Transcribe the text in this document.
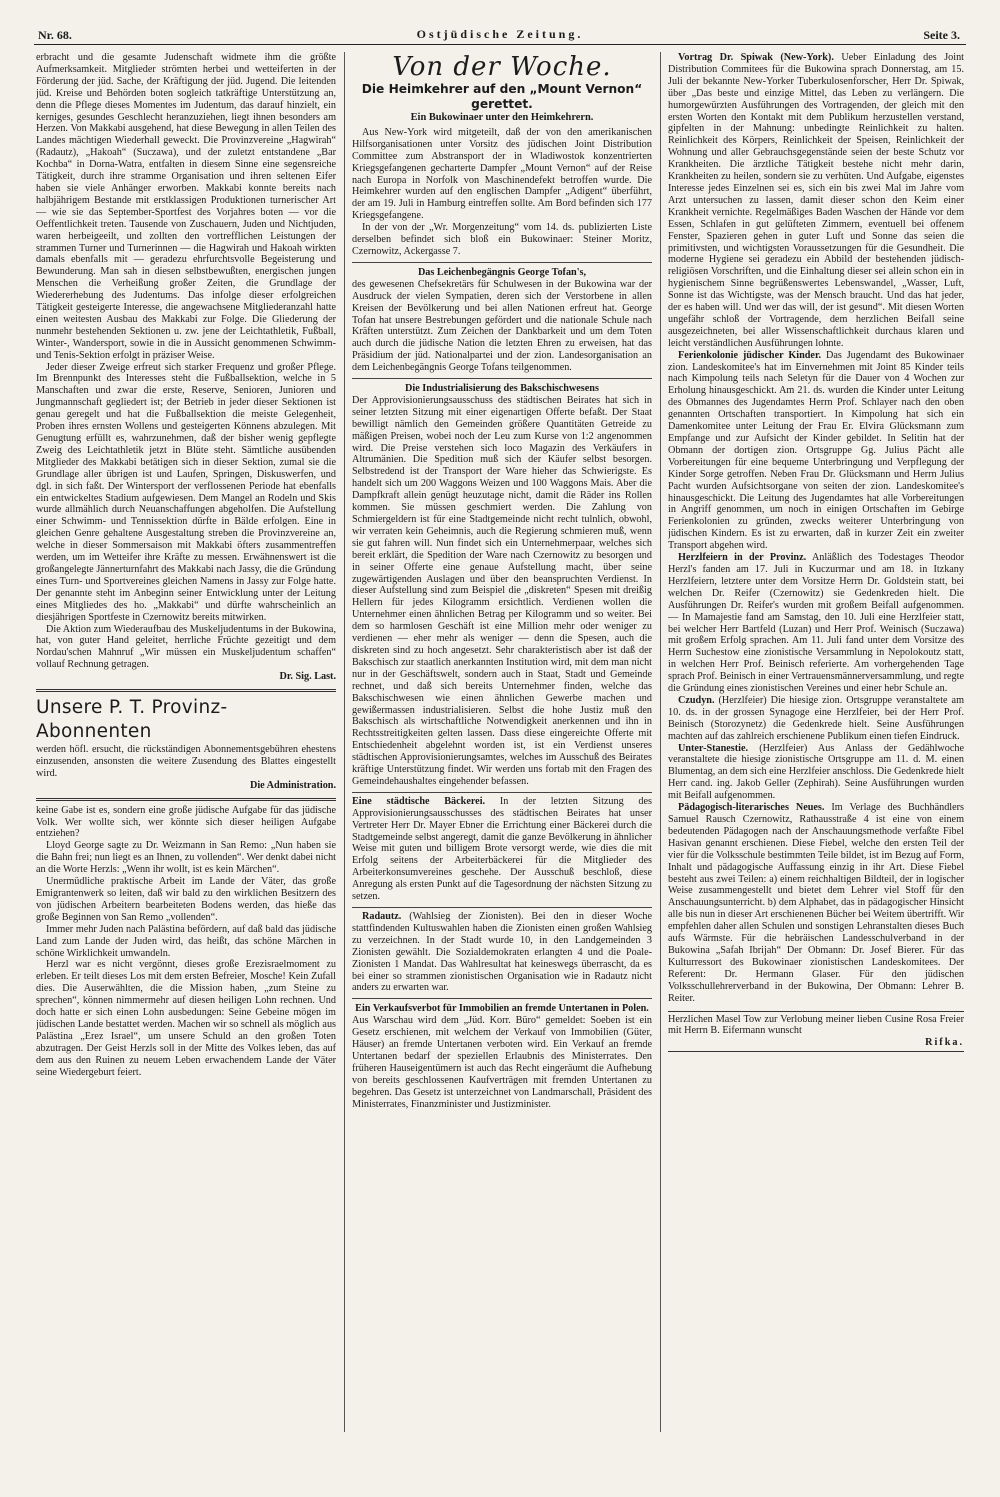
Nr. 68.	Ostjüdische Zeitung.	Seite 3.

erbracht und die gesamte Judenschaft widmete ihm die größte Aufmerksamkeit. Mitglieder strömten herbei und wetteiferten in der Förderung der jüd. Sache, der Kräftigung der jüd. Jugend. Die leitenden jüd. Kreise und Behörden boten sogleich tatkräftige Unterstützung an, denn die Pflege dieses Momentes im Judentum, das darauf hinzielt, ein kerniges, gesundes Geschlecht heranzuziehen, liegt ihnen besonders am Herzen. Von Makkabi ausgehend, hat diese Bewegung in allen Teilen des Landes mächtigen Wiederhall geweckt. Die Provinzvereine „Hagwirah“ (Radautz), „Hakoah“ (Suczawa), und der zuletzt entstandene „Bar Kochba“ in Dorna-Watra, entfalten in diesem Sinne eine segensreiche Tätigkeit, durch ihre stramme Organisation und ihren seltenen Eifer haben sie viele Anhänger erworben. Makkabi konnte bereits nach halbjährigem Bestande mit erstklassigen Produktionen turnerischer Art — wie sie das September-Sportfest des Vorjahres boten — vor die Oeffentlichkeit treten. Tausende von Zuschauern, Juden und Nichtjuden, waren herbeigeeilt, und zollten den vortrefflichen Leistungen der strammen Turner und Turnerinnen — die Hagwirah und Hakoah wirkten damals ebenfalls mit — geradezu ehrfurchtsvolle Begeisterung und Bewunderung. Man sah in diesen selbstbewußten, energischen jungen Menschen die Verheißung großer Zeiten, die Grundlage der Wiedererhebung des Judentums. Das infolge dieser erfolgreichen Tätigkeit gesteigerte Interesse, die angewachsene Mitgliederanzahl hatte einen weitesten Ausbau des Makkabi zur Folge. Die Gliederung der nunmehr bestehenden Sektionen u. zw. jene der Leichtathletik, Fußball, Winter-, Wandersport, sowie in die in Aussicht genommenen Schwimm- und Tenis-Sektion erfolgt in präziser Weise.

Jeder dieser Zweige erfreut sich starker Frequenz und großer Pflege. Im Brennpunkt des Interesses steht die Fußballsektion, welche in 5 Manschaften und zwar die erste, Reserve, Senioren, Junioren und Jungmannschaft gegliedert ist; der Betrieb in jeder dieser Sektionen ist genau geregelt und hat die Fußballsektion die meiste Gelegenheit, Proben ihres ernsten Wollens und gesteigerten Könnens abzulegen. Mit Genugtung erfüllt es, wahrzunehmen, daß der bisher wenig gepflegte Zweig des Leichtathletik jetzt in Blüte steht. Sämtliche ausübenden Mitglieder des Makkabi betätigen sich in dieser Sektion, zumal sie die Grundlage aller übrigen ist und Laufen, Springen, Diskuswerfen, und dgl. in sich faßt. Der Wintersport der verflossenen Periode hat ebenfalls ein entwickeltes Stadium aufgewiesen. Dem Mangel an Rodeln und Skis wurde allmählich durch Neuanschaffungen abgeholfen. Die Aufstellung einer Schwimm- und Tennissektion dürfte in Bälde erfolgen. Eine in gleichen Genre gehaltene Ausgestaltung streben die Provinzvereine an, welche in dieser Sommersaison mit Makkabi öfters zusammentreffen werden, um im Wetteifer ihre Kräfte zu messen. Erwähnenswert ist die großangelegte Jännerturnfahrt des Makkabi nach Jassy, die die Gründung eines Turn- und Sportvereines gleichen Namens in Jassy zur Folge hatte. Der genannte steht im Anbeginn seiner Entwicklung unter der Leitung eines Mitgliedes des ho. „Makkabi“ und dürfte wahrscheinlich an diesjährigen Sportfeste in Czernowitz bereits mitwirken.

Die Aktion zum Wiederaufbau des Muskeljudentums in der Bukowina, hat, von guter Hand geleitet, herrliche Früchte gezeitigt und dem Nordau'schen Mahnruf „Wir müssen ein Muskeljudentum schaffen“ vollauf Rechnung getragen.

Dr. Sig. Last.

Unsere P. T. Provinz-Abonnenten

werden höfl. ersucht, die rückständigen Abonnementsgebühren ehestens einzusenden, ansonsten die weitere Zusendung des Blattes eingestellt wird.

Die Administration.

keine Gabe ist es, sondern eine große jüdische Aufgabe für das jüdische Volk. Wer wollte sich, wer könnte sich dieser heiligen Aufgabe entziehen?

Lloyd George sagte zu Dr. Weizmann in San Remo: „Nun haben sie die Bahn frei; nun liegt es an Ihnen, zu vollenden“. Wer denkt dabei nicht an die Worte Herzls: „Wenn ihr wollt, ist es kein Märchen“.

Unermüdliche praktische Arbeit im Lande der Väter, das große Emigrantenwerk so leiten, daß wir bald zu den wirklichen Besitzern des von jüdischen Arbeitern bearbeiteten Bodens werden, das hieße das große Beginnen von San Remo „vollenden“.

Immer mehr Juden nach Palästina befördern, auf daß bald das jüdische Land zum Lande der Juden wird, das heißt, das schöne Märchen in schöne Wirklichkeit umwandeln.

Herzl war es nicht vergönnt, dieses große Erezisraelmoment zu erleben. Er teilt dieses Los mit dem ersten Befreier, Mosche! Kein Zufall dies. Die Auserwählten, die die Mission haben, „zum Steine zu sprechen“, können nimmermehr auf diesen heiligen Lohn rechnen. Und doch hatte er sich einen Lohn ausbedungen: Seine Gebeine mögen im jüdischen Lande bestattet werden. Machen wir so schnell als möglich aus Palästina „Erez Israel“, um unsere Schuld an den großen Toten abzutragen. Der Geist Herzls soll in der Mitte des Volkes leben, das auf dem aus den Ruinen zu neuem Leben erwachendem Lande der Väter seine Wiedergeburt feiert.

Von der Woche.

Die Heimkehrer auf den „Mount Vernon“ gerettet.

Ein Bukowinaer unter den Heimkehrern.

Aus New-York wird mitgeteilt, daß der von den amerikanischen Hilfsorganisationen unter Vorsitz des jüdischen Joint Distribution Committee zum Abstransport der in Wladiwostok konzentrierten Kriegsgefangenen gecharterte Dampfer „Mount Vernon“ auf der Reise nach Europa in Norfolk von Maschinendefekt betroffen wurde. Die Heimkehrer wurden auf den englischen Dampfer „Adigent“ überführt, der am 19. Juli in Hamburg eintreffen sollte. Am Bord befinden sich 177 Kriegsgefangene.

In der von der „Wr. Morgenzeitung“ vom 14. ds. publizierten Liste derselben befindet sich bloß ein Bukowinaer: Steiner Moritz, Czernowitz, Ackergasse 7.

Das Leichenbegängnis George Tofan's,

des gewesenen Chefsekretärs für Schulwesen in der Bukowina war der Ausdruck der vielen Sympatien, deren sich der Verstorbene in allen Kreisen der Bevölkerung und bei allen Nationen erfreut hat. George Tofan hat unsere Bestrebungen gefördert und die nationale Schule nach Kräften unterstützt. Zum Zeichen der Dankbarkeit und um dem Toten auch durch die jüdische Nation die letzten Ehren zu erweisen, hat das Präsidium der jüd. Nationalpartei und der zion. Landesorganisation an dem Leichenbegängnis George Tofans teilgenommen.

Die Industrialisierung des Bakschischwesens

Der Approvisionierungsausschuss des städtischen Beirates hat sich in seiner letzten Sitzung mit einer eigenartigen Offerte befaßt. Der Staat bewilligt nämlich den Gemeinden größere Quantitäten Getreide zu mäßigen Preisen, wobei noch der Leu zum Kurse von 1:2 angenommen wird. Die Preise verstehen sich loco Magazin des Verkäufers in Altrumänien. Die Spedition muß sich der Käufer selbst besorgen. Selbstredend ist der Transport der Ware hieher das Schwierigste. Es handelt sich um 200 Waggons Weizen und 100 Waggons Mais. Aber die Dampfkraft allein genügt heuzutage nicht, damit die Räder ins Rollen kommen. Sie müssen geschmiert werden. Die Zahlung von Schmiergeldern ist für eine Stadtgemeinde nicht recht tulnlich, obwohl, wir verraten kein Geheimnis, auch die Regierung schmieren muß, wenn sie gut fahren will. Nun findet sich ein Unternehmerpaar, welches sich bereit erklärt, die Spedition der Ware nach Czernowitz zu besorgen und in seiner Offerte eine genaue Aufstellung macht, über seine zugewärtigenden Auslagen und über den beanspruchten Verdienst. In dieser Aufstellung sind zum Beispiel die „diskreten“ Spesen mit dreißig Hellern für jedes Kilogramm ersichtlich. Verdienen wollen die Unternehmer einen ähnlichen Betrag per Kilogramm und so weiter. Bei dem so harmlosen Geschäft ist eine Million mehr oder weniger zu verdienen — eher mehr als weniger — denn die Spesen, auch die diskreten sind zu hoch angesetzt. Sehr charakteristisch aber ist daß der Bakschisch zur staatlich anerkannten Institution wird, mit dem man nicht nur in der Geschäftswelt, sondern auch in Staat, Stadt und Gemeinde rechnet, und daß sich bereits Unternehmer finden, welche das Bakschischwesen wie einen ähnlichen Gewerbe machen und gewißermassen industrialisieren. Selbst die hohe Justiz muß den Bakschisch als wirtschaftliche Notwendigkeit anerkennen und ihn in Rechtsstreitigkeiten gelten lassen. Dass diese eingereichte Offerte mit Entschiedenheit abgelehnt worden ist, ist ein Verdienst unseres städtischen Approvisionierungsamtes, welches im Ausschuß des Beirates kräftige Unterstützung findet. Wir werden uns fortab mit den Fragen des Gemeindehaushaltes eingehender befassen.

Eine städtische Bäckerei. In der letzten Sitzung des Approvisionierungsausschusses des städtischen Beirates hat unser Vertreter Herr Dr. Mayer Ebner die Errichtung einer Bäckerei durch die Stadtgemeinde selbst angeregt, damit die ganze Bevölkerung in ähnlicher Weise mit guten und billigem Brote versorgt werde, wie dies die mit Erfolg seitens der Arbeiterbäckerei für die Mitglieder des Arbeiterkonsumvereines geschehe. Der Ausschuß beschloß, diese Anregung als ersten Punkt auf die Tagesordnung der nächsten Sitzung zu setzen.

Radautz. (Wahlsieg der Zionisten). Bei den in dieser Woche stattfindenden Kultuswahlen haben die Zionisten einen großen Wahlsieg zu verzeichnen. In der Stadt wurde 10, in den Landgemeinden 3 Zionisten gewählt. Die Sozialdemokraten erlangten 4 und die Poale-Zionisten 1 Mandat. Das Wahlresultat hat keineswegs überrascht, da es bei einer so strammen zionistischen Organisation wie in Radautz nicht anders zu erwarten war.

Ein Verkaufsverbot für Immobilien an fremde Untertanen in Polen.

Aus Warschau wird dem „Jüd. Korr. Büro“ gemeldet: Soeben ist ein Gesetz erschienen, mit welchem der Verkauf von Immobilien (Güter, Häuser) an fremde Untertanen verboten wird. Ein Verkauf an fremde Untertanen bedarf der speziellen Erlaubnis des Ministerrates. Den früheren Hauseigentümern ist auch das Recht eingeräumt die Aufhebung von bereits geschlossenen Kaufverträgen mit fremden Untertanen zu begehren. Das Gesetz ist unterzeichnet von Landmarschall, Präsident des Ministerrates, Finanzminister und Justizminister.

Vortrag Dr. Spiwak (New-York). Ueber Einladung des Joint Distribution Commitees für die Bukowina sprach Donnerstag, am 15. Juli der bekannte New-Yorker Tuberkulosenforscher, Herr Dr. Spiwak, über „Das beste und einzige Mittel, das Leben zu verlängern. Die humorgewürzten Ausführungen des Vortragenden, der gleich mit den ersten Worten den Kontakt mit dem Publikum herzustellen verstand, gipfelten in der Mahnung: unbedingte Reinlichkeit zu halten. Reinlichkeit des Körpers, Reinlichkeit der Speisen, Reinlichkeit der Wohnung und aller Gebrauchsgegenstände seien der beste Schutz vor Krankheiten. Die ärztliche Tätigkeit bestehe nicht mehr darin, Krankheiten zu heilen, sondern sie zu verhüten. Und Aufgabe, eigenstes Interesse jedes Einzelnen sei es, sich ein bis zwei Mal im Jahre vom Arzt untersuchen zu lassen, damit dieser schon den Keim einer Krankheit vernichte. Regelmäßiges Baden Waschen der Hände vor dem Essen, Schlafen in gut gelüfteten Zimmern, eventuell bei offenem Fenster, Spazieren gehen in guter Luft und Sonne das seien die primitivsten, und wichtigsten Voraussetzungen für die Gesundheit. Die moderne Hygiene sei geradezu ein Abbild der bestehenden jüdisch-religiösen Vorschriften, und die Einhaltung dieser sei allein schon ein in hygienischem Sinne begrüßenswertes Lebenswandel, „Wasser, Luft, Sonne ist das Wichtigste, was der Mensch braucht. Und das hat jeder, der es haben will. Und wer das will, der ist gesund“. Mit diesen Worten ungefähr schloß der Vortragende, dem herzlichen Beifall seine ausgezeichneten, bei aller Wissenschaftlichkeit durchaus klaren und leicht verständlichen Ausführungen lohnte.

Ferienkolonie jüdischer Kinder. Das Jugendamt des Bukowinaer zion. Landeskomitee's hat im Einvernehmen mit Joint 85 Kinder teils nach Kimpolung teils nach Seletyn für die Dauer von 4 Wochen zur Erholung hinausgeschickt. Am 21. ds. wurden die Kinder unter Leitung des Obmannes des Jugendamtes Herrn Prof. Schlayer nach den oben genannten Ortschaften transportiert. In Kimpolung hat sich ein Damenkomitee unter Leitung der Frau Er. Elvira Glücksmann zum Empfange und zur Aufsicht der Kinder gebildet. In Selitin hat der Obmann der dortigen zion. Ortsgruppe Gg. Julius Pächt alle Vorbereitungen für eine bequeme Unterbringung und Verpflegung der Kinder Sorge getroffen. Neben Frau Dr. Glücksmann und Herrn Julius Pacht wurden Aufsichtsorgane von seiten der zion. Landeskomitee's hinausgeschickt. Die Leitung des Jugendamtes hat alle Vorbereitungen in Angriff genommen, um noch in einigen Ortschaften im Gebirge Ferienkolonien zu gründen, zwecks weiterer Unterbringung von jüdischen Kindern. Es ist zu erwarten, daß in kurzer Zeit ein zweiter Transport abgehen wird.

Herzlfeiern in der Provinz. Anläßlich des Todestages Theodor Herzl's fanden am 17. Juli in Kuczurmar und am 18. in Itzkany Herzlfeiern, letztere unter dem Vorsitze Herrn Dr. Goldstein statt, bei welchen Dr. Reifer (Czernowitz) sie Gedenkreden hielt. Die Ausführungen Dr. Reifer's wurden mit großem Beifall aufgenommen. — In Mamajestie fand am Samstag, den 10. Juli eine Herzlfeier statt, bei welcher Herr Bartfeld (Luzan) und Herr Prof. Weinisch (Suczawa) mit großem Erfolg sprachen. Am 11. Juli fand unter dem Vorsitze des Herrn Suchestow eine zionistische Versammlung in Nepolokoutz statt, in welchen Herr Prof. Beinisch referierte. Am vorhergehenden Tage sprach Prof. Beinisch in einer Vertrauensmännerversammlung, und regte die Gründung eines zionistischen Vereines und einer hebr Schule an.

Czudyn. (Herzlfeier) Die hiesige zion. Ortsgruppe veranstaltete am 10. ds. in der grossen Synagoge eine Herzlfeier, bei der Herr Prof. Beinisch (Storozynetz) die Gedenkrede hielt. Seine Ausführungen machten auf das zahlreich erschienene Publikum einen tiefen Eindruck.

Unter-Stanestie. (Herzlfeier) Aus Anlass der Gedählwoche veranstaltete die hiesige zionistische Ortsgruppe am 11. d. M. einen Blumentag, an dem sich eine Herzlfeier anschloss. Die Gedenkrede hielt Herr cand. ing. Jakob Geller (Zephirah). Seine Ausführungen wurden mit Beifall aufgenommen.

Pädagogisch-literarisches Neues. Im Verlage des Buchhändlers Samuel Rausch Czernowitz, Rathausstraße 4 ist eine von einem bedeutenden Pädagogen nach der Anschauungsmethode verfaßte Fibel Hasivan genannt erschienen. Diese Fiebel, welche den ersten Teil der vier für die Volksschule bestimmten Teile bildet, ist im Bezug auf Form, Inhalt und pädagogische Auffassung einzig in ihr Art. Diese Fiebel besteht aus zwei Teilen: a) einem reichhaltigen Bildteil, der in logischer Weise zusammengestellt und bietet dem Lehrer viel Stoff für den Anschauungsunterricht. b) dem Alphabet, das in pädagogischer Hinsicht alle bis nun in dieser Art erschienenen Bücher bei Weitem übertrifft. Wir empfehlen daher allen Schulen und sonstigen Lehranstalten dieses Buch aufs Wärmste. Für die hebräischen Landesschulverband in der Bukowina „Safah Ibrijah“ Der Obmann: Dr. Josef Bierer. Für das Kulturressort des Bukowinaer zionistischen Landeskomitees. Der Referent: Dr. Hermann Glaser. Für den jüdischen Volksschullehrerverband in der Bukowina, Der Obmann: Lehrer B. Reiter.

Herzlichen Masel Tow zur Verlobung meiner lieben Cusine Rosa Freier mit Herrn B. Eifermann wunscht

Rifka.
